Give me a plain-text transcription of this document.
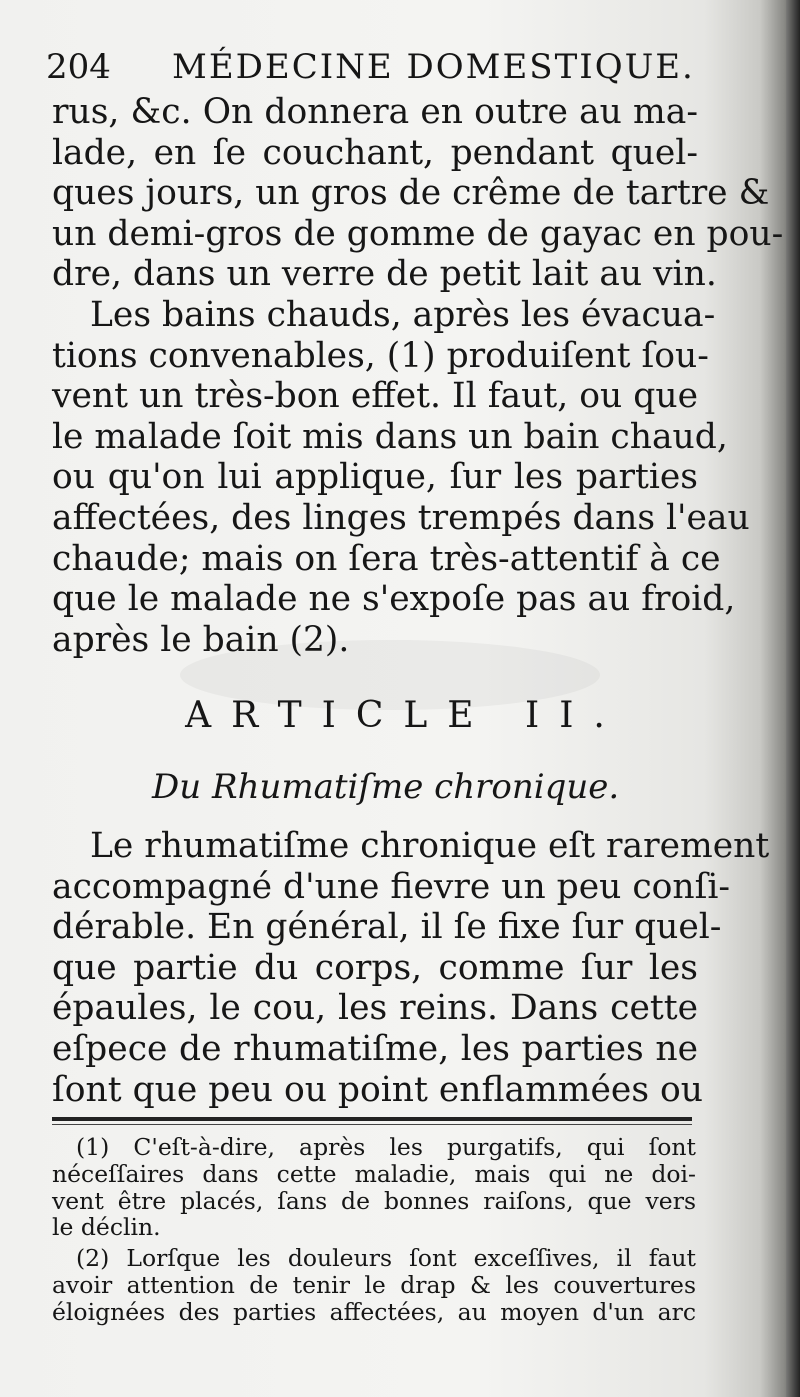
204 MÉDECINE DOMESTIQUE.
rus, &c. On donnera en outre au ma-
lade, en ſe couchant, pendant quel-
ques jours, un gros de crême de tartre &
un demi-gros de gomme de gayac en pou-
dre, dans un verre de petit lait au vin.
Les bains chauds, après les évacua-
tions convenables, (1) produiſent ſou-
vent un très-bon effet. Il faut, ou que
le malade ſoit mis dans un bain chaud,
ou qu'on lui applique, ſur les parties
affectées, des linges trempés dans l'eau
chaude; mais on ſera très-attentif à ce
que le malade ne s'expoſe pas au froid,
après le bain (2).
ARTICLE II.
Du Rhumatiſme chronique.
Le rhumatiſme chronique eſt rarement
accompagné d'une fievre un peu conſi-
dérable. En général, il ſe fixe ſur quel-
que partie du corps, comme ſur les
épaules, le cou, les reins. Dans cette
eſpece de rhumatiſme, les parties ne
ſont que peu ou point enflammées ou
(1) C'eſt-à-dire, après les purgatifs, qui ſont
néceſſaires dans cette maladie, mais qui ne doi-
vent être placés, ſans de bonnes raiſons, que vers
le déclin.
(2) Lorſque les douleurs ſont exceſſives, il faut
avoir attention de tenir le drap & les couvertures
éloignées des parties affectées, au moyen d'un arc
